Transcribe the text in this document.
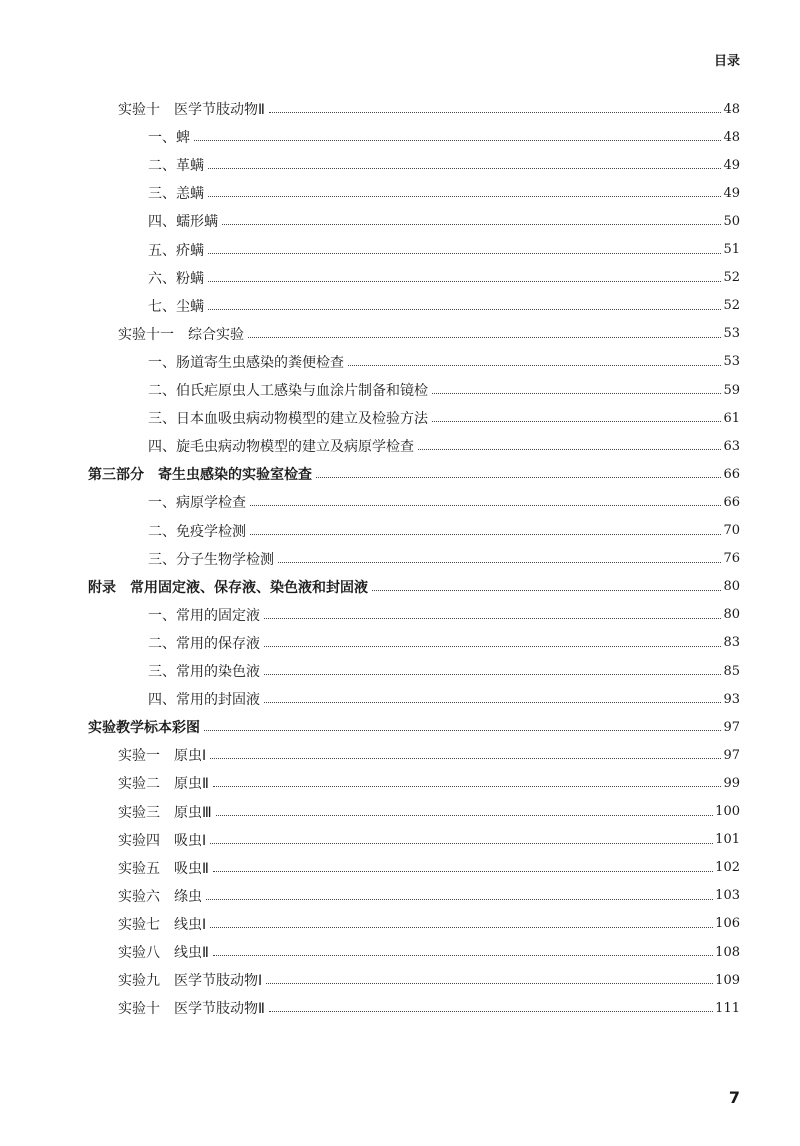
目录
实验十　医学节肢动物Ⅱ	48
一、蜱	48
二、革螨	49
三、恙螨	49
四、蠕形螨	50
五、疥螨	51
六、粉螨	52
七、尘螨	52
实验十一　综合实验	53
一、肠道寄生虫感染的粪便检查	53
二、伯氏疟原虫人工感染与血涂片制备和镜检	59
三、日本血吸虫病动物模型的建立及检验方法	61
四、旋毛虫病动物模型的建立及病原学检查	63
第三部分　寄生虫感染的实验室检查	66
一、病原学检查	66
二、免疫学检测	70
三、分子生物学检测	76
附录　常用固定液、保存液、染色液和封固液	80
一、常用的固定液	80
二、常用的保存液	83
三、常用的染色液	85
四、常用的封固液	93
实验教学标本彩图	97
实验一　原虫Ⅰ	97
实验二　原虫Ⅱ	99
实验三　原虫Ⅲ	100
实验四　吸虫Ⅰ	101
实验五　吸虫Ⅱ	102
实验六　绦虫	103
实验七　线虫Ⅰ	106
实验八　线虫Ⅱ	108
实验九　医学节肢动物Ⅰ	109
实验十　医学节肢动物Ⅱ	111
7
